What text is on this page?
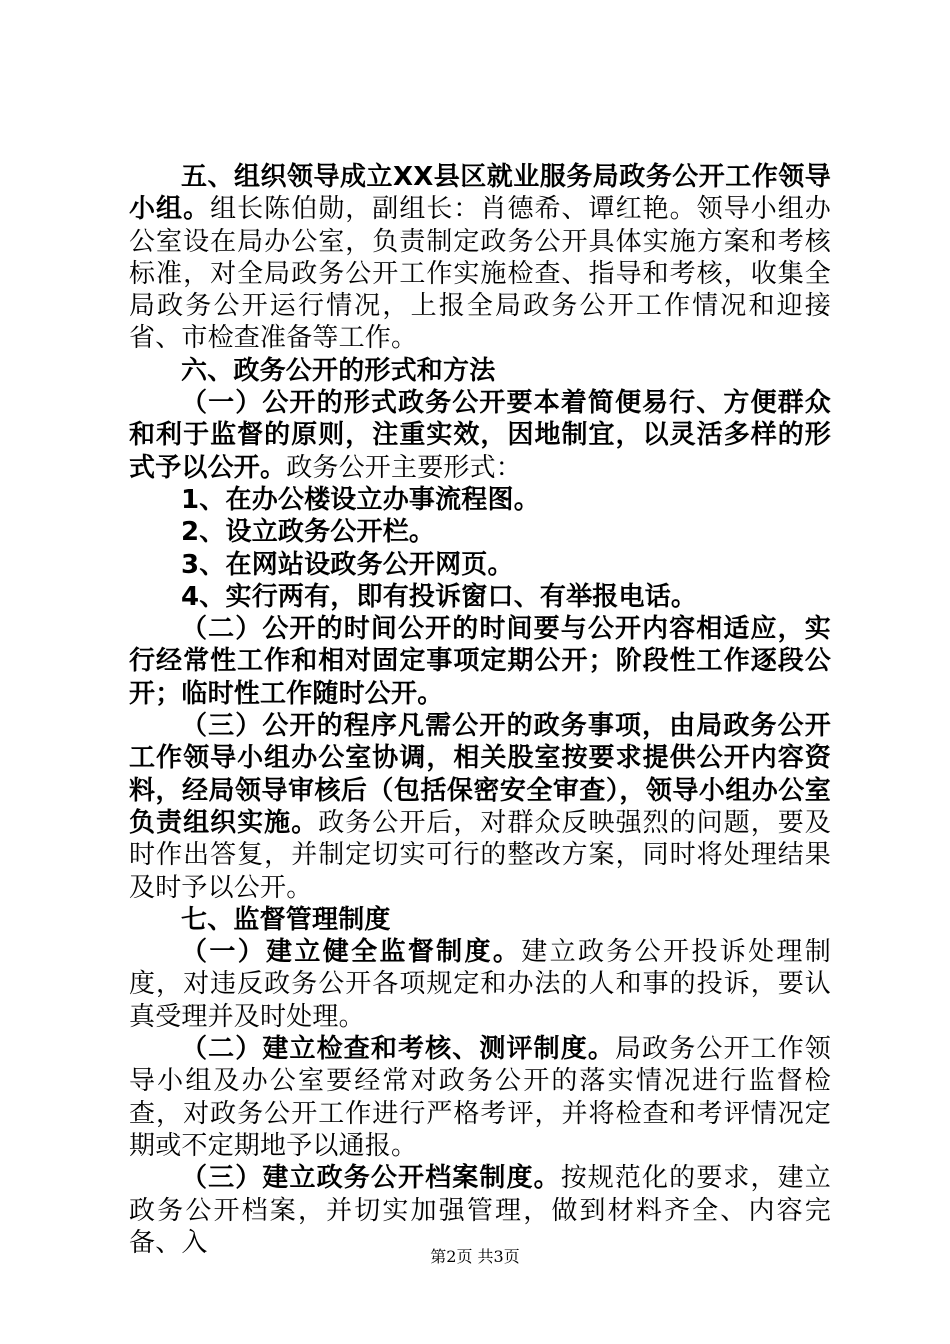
五、组织领导成立XX县区就业服务局政务公开工作领导小组。组长陈伯勋，副组长：肖德希、谭红艳。领导小组办公室设在局办公室，负责制定政务公开具体实施方案和考核标准，对全局政务公开工作实施检查、指导和考核，收集全局政务公开运行情况，上报全局政务公开工作情况和迎接省、市检查准备等工作。

六、政务公开的形式和方法

（一）公开的形式政务公开要本着简便易行、方便群众和利于监督的原则，注重实效，因地制宜，以灵活多样的形式予以公开。政务公开主要形式：

1、在办公楼设立办事流程图。

2、设立政务公开栏。

3、在网站设政务公开网页。

4、实行两有，即有投诉窗口、有举报电话。

（二）公开的时间公开的时间要与公开内容相适应，实行经常性工作和相对固定事项定期公开；阶段性工作逐段公开；临时性工作随时公开。

（三）公开的程序凡需公开的政务事项，由局政务公开工作领导小组办公室协调，相关股室按要求提供公开内容资料，经局领导审核后（包括保密安全审查），领导小组办公室负责组织实施。政务公开后，对群众反映强烈的问题，要及时作出答复，并制定切实可行的整改方案，同时将处理结果及时予以公开。

七、监督管理制度

（一）建立健全监督制度。建立政务公开投诉处理制度，对违反政务公开各项规定和办法的人和事的投诉，要认真受理并及时处理。

（二）建立检查和考核、测评制度。局政务公开工作领导小组及办公室要经常对政务公开的落实情况进行监督检查，对政务公开工作进行严格考评，并将检查和考评情况定期或不定期地予以通报。

（三）建立政务公开档案制度。按规范化的要求，建立政务公开档案，并切实加强管理，做到材料齐全、内容完备、入	第2页 共3页
